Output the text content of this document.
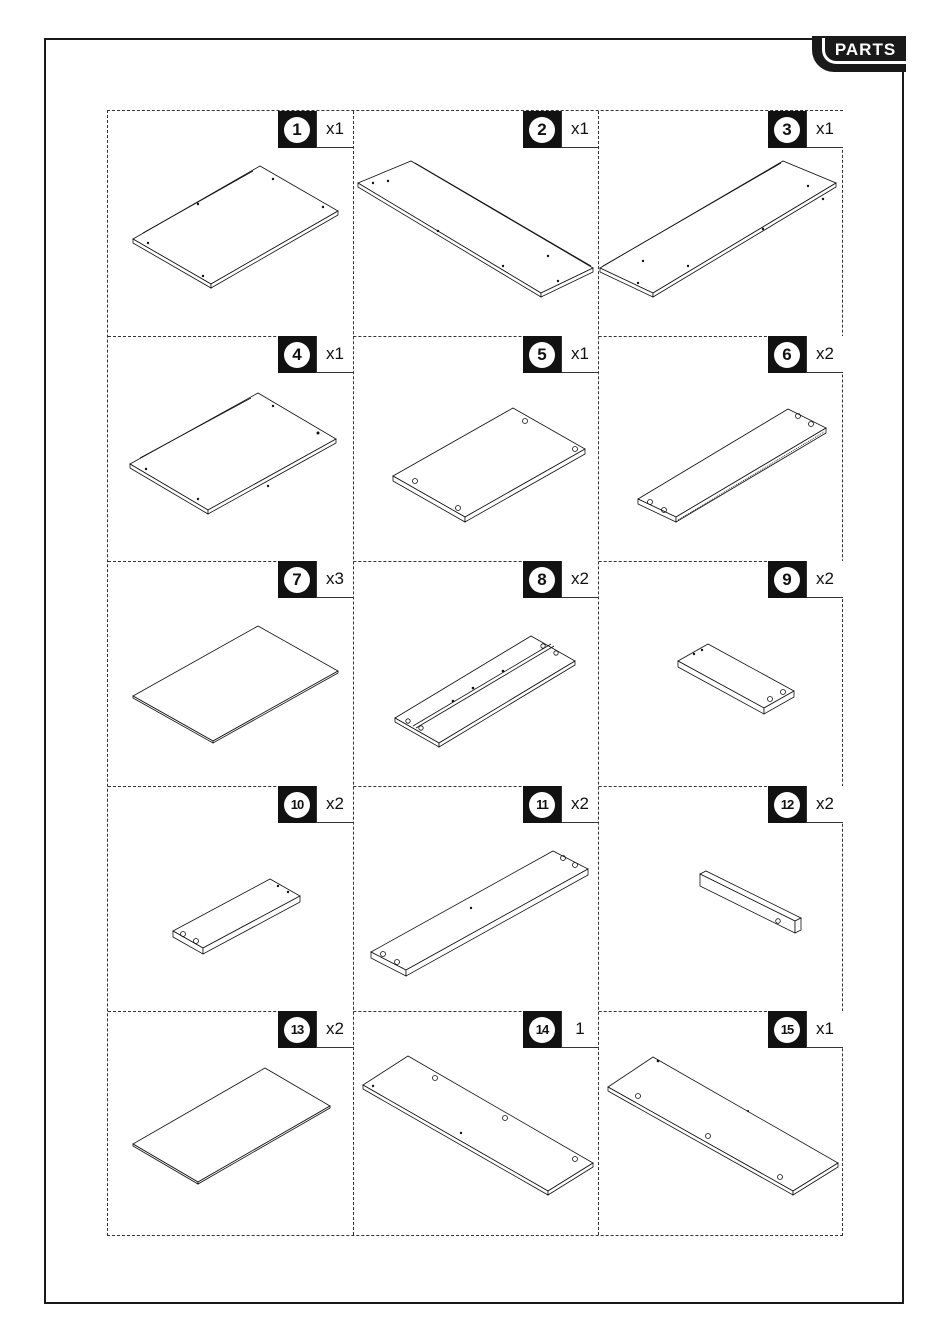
PARTS
1	x1	2	x1	3	x1
4	x1	5	x1	6	x2
7	x3	8	x2	9	x2
10	x2	11	x2	12	x2
13	x2	14	1	15	x1
